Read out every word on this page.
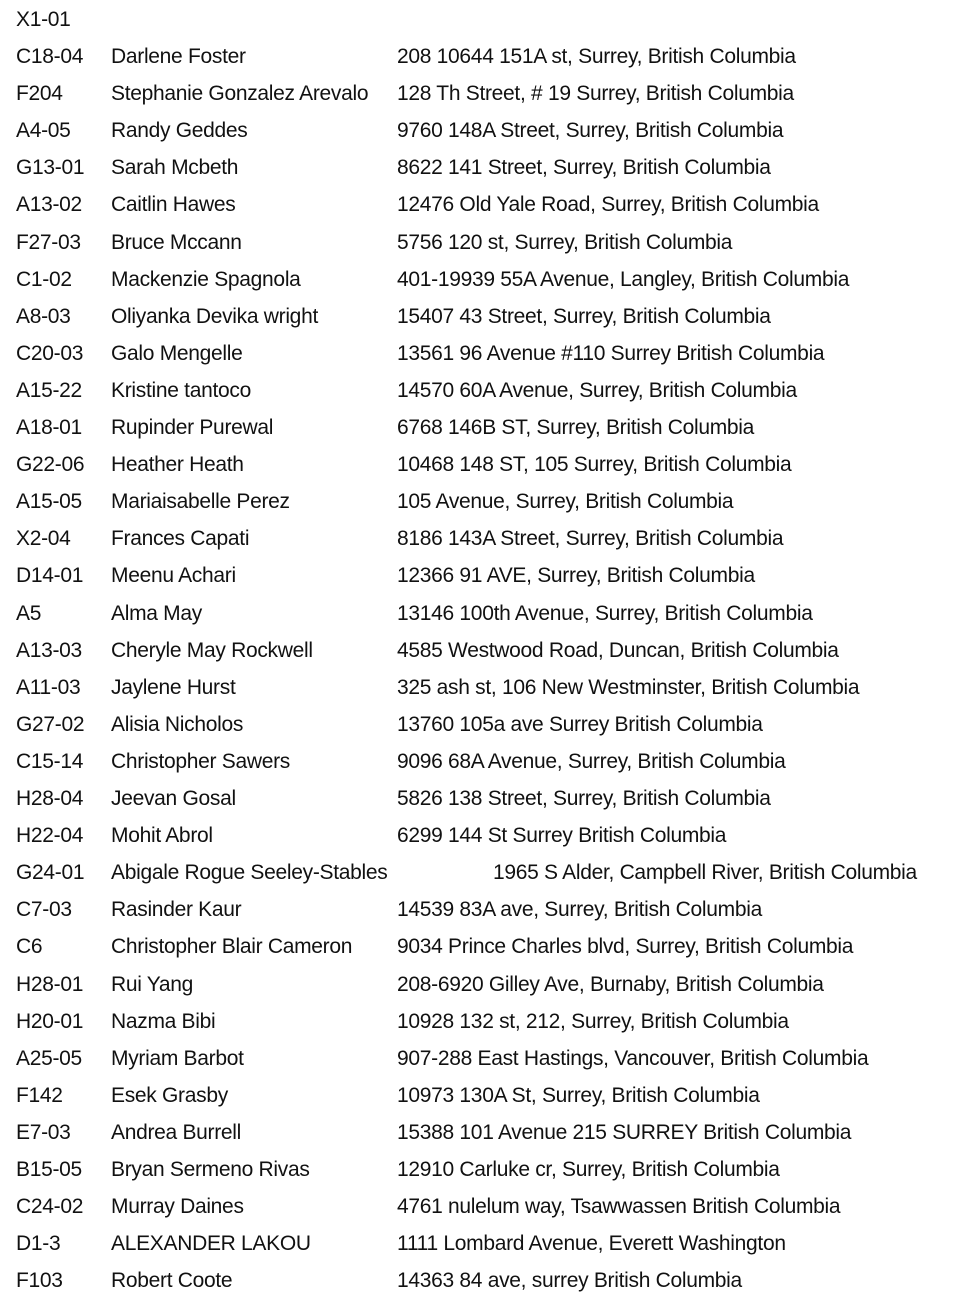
X1-01
C18-04 Darlene Foster	208 10644 151A st, Surrey, British Columbia
F204 Stephanie Gonzalez Arevalo 128 Th Street, # 19 Surrey, British Columbia
A4-05 Randy Geddes	9760 148A Street, Surrey, British Columbia
G13-01 Sarah Mcbeth	8622 141 Street, Surrey, British Columbia
A13-02 Caitlin Hawes	12476 Old Yale Road, Surrey, British Columbia
F27-03 Bruce Mccann	5756 120 st, Surrey, British Columbia
C1-02 Mackenzie Spagnola	401-19939 55A Avenue, Langley, British Columbia
A8-03 Oliyanka Devika wright	15407 43 Street, Surrey, British Columbia
C20-03 Galo Mengelle	13561 96 Avenue #110 Surrey British Columbia
A15-22 Kristine tantoco	14570 60A Avenue, Surrey, British Columbia
A18-01 Rupinder Purewal	6768 146B ST, Surrey, British Columbia
G22-06 Heather Heath	10468 148 ST, 105 Surrey, British Columbia
A15-05 Mariaisabelle Perez	105 Avenue, Surrey, British Columbia
X2-04 Frances Capati	8186 143A Street, Surrey, British Columbia
D14-01 Meenu Achari	12366 91 AVE, Surrey, British Columbia
A5	Alma May	13146 100th Avenue, Surrey, British Columbia
A13-03 Cheryle May Rockwell	4585 Westwood Road, Duncan, British Columbia
A11-03 Jaylene Hurst	325 ash st, 106 New Westminster, British Columbia
G27-02 Alisia Nicholos	13760 105a ave Surrey British Columbia
C15-14 Christopher Sawers	9096 68A Avenue, Surrey, British Columbia
H28-04 Jeevan Gosal	5826 138 Street, Surrey, British Columbia
H22-04 Mohit Abrol	6299 144 St Surrey British Columbia
G24-01 Abigale Rogue Seeley-Stables	1965 S Alder, Campbell River, British Columbia
C7-03 Rasinder Kaur	14539 83A ave, Surrey, British Columbia
C6	Christopher Blair Cameron 9034 Prince Charles blvd, Surrey, British Columbia
H28-01 Rui Yang	208-6920 Gilley Ave, Burnaby, British Columbia
H20-01 Nazma Bibi	10928 132 st, 212, Surrey, British Columbia
A25-05 Myriam Barbot	907-288 East Hastings, Vancouver, British Columbia
F142 Esek Grasby	10973 130A St, Surrey, British Columbia
E7-03 Andrea Burrell	15388 101 Avenue 215 SURREY British Columbia
B15-05 Bryan Sermeno Rivas	12910 Carluke cr, Surrey, British Columbia
C24-02 Murray Daines	4761 nulelum way, Tsawwassen British Columbia
D1-3 ALEXANDER LAKOU	1111 Lombard Avenue, Everett Washington
F103 Robert Coote	14363 84 ave, surrey British Columbia
